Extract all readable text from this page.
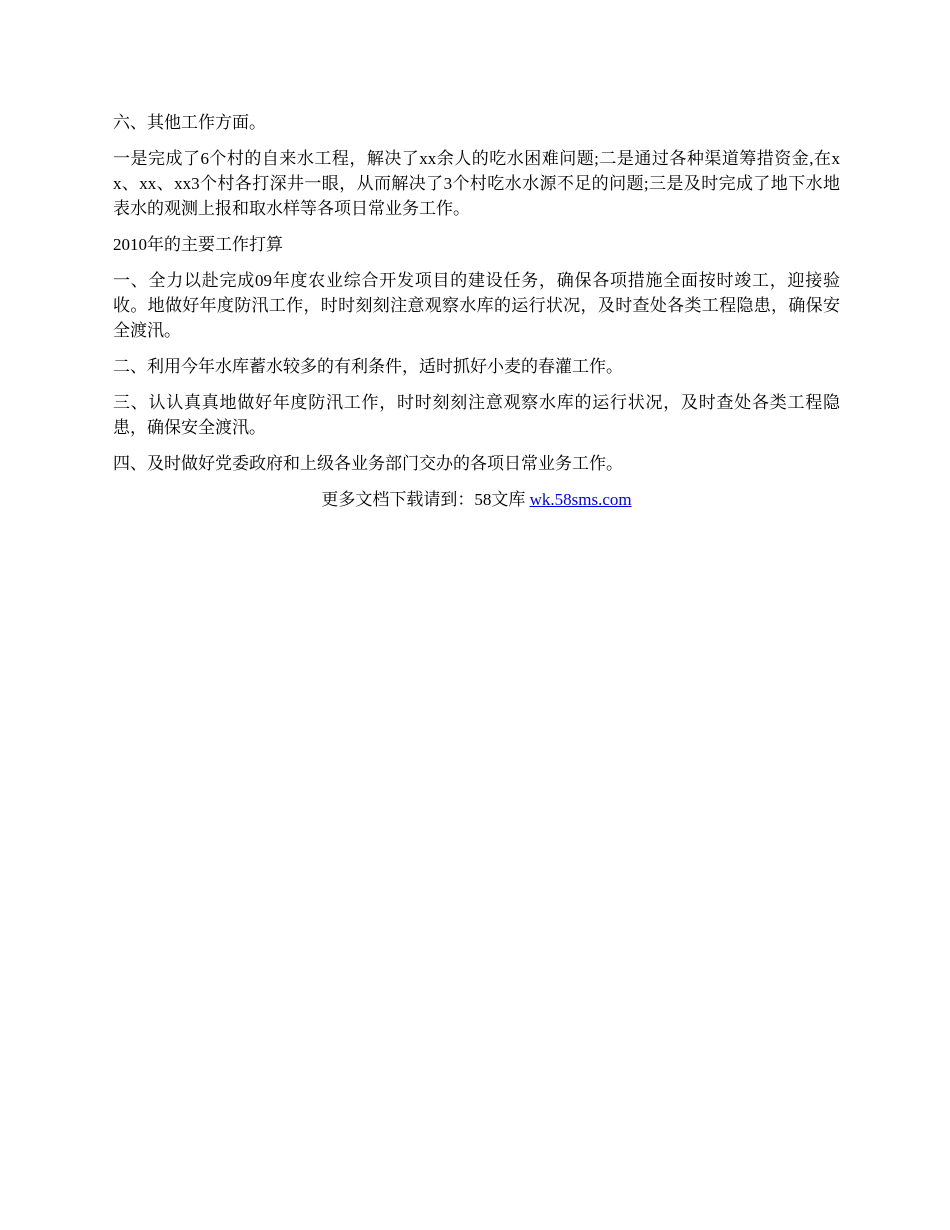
六、其他工作方面。

一是完成了6个村的自来水工程，解决了xx余人的吃水困难问题;二是通过各种渠道筹措资金,在xx、xx、xx3个村各打深井一眼，从而解决了3个村吃水水源不足的问题;三是及时完成了地下水地表水的观测上报和取水样等各项日常业务工作。

2010年的主要工作打算

一、全力以赴完成09年度农业综合开发项目的建设任务，确保各项措施全面按时竣工，迎接验收。地做好年度防汛工作，时时刻刻注意观察水库的运行状况，及时查处各类工程隐患，确保安全渡汛。

二、利用今年水库蓄水较多的有利条件，适时抓好小麦的春灌工作。

三、认认真真地做好年度防汛工作，时时刻刻注意观察水库的运行状况，及时查处各类工程隐患，确保安全渡汛。

四、及时做好党委政府和上级各业务部门交办的各项日常业务工作。

更多文档下载请到：58文库 wk.58sms.com
